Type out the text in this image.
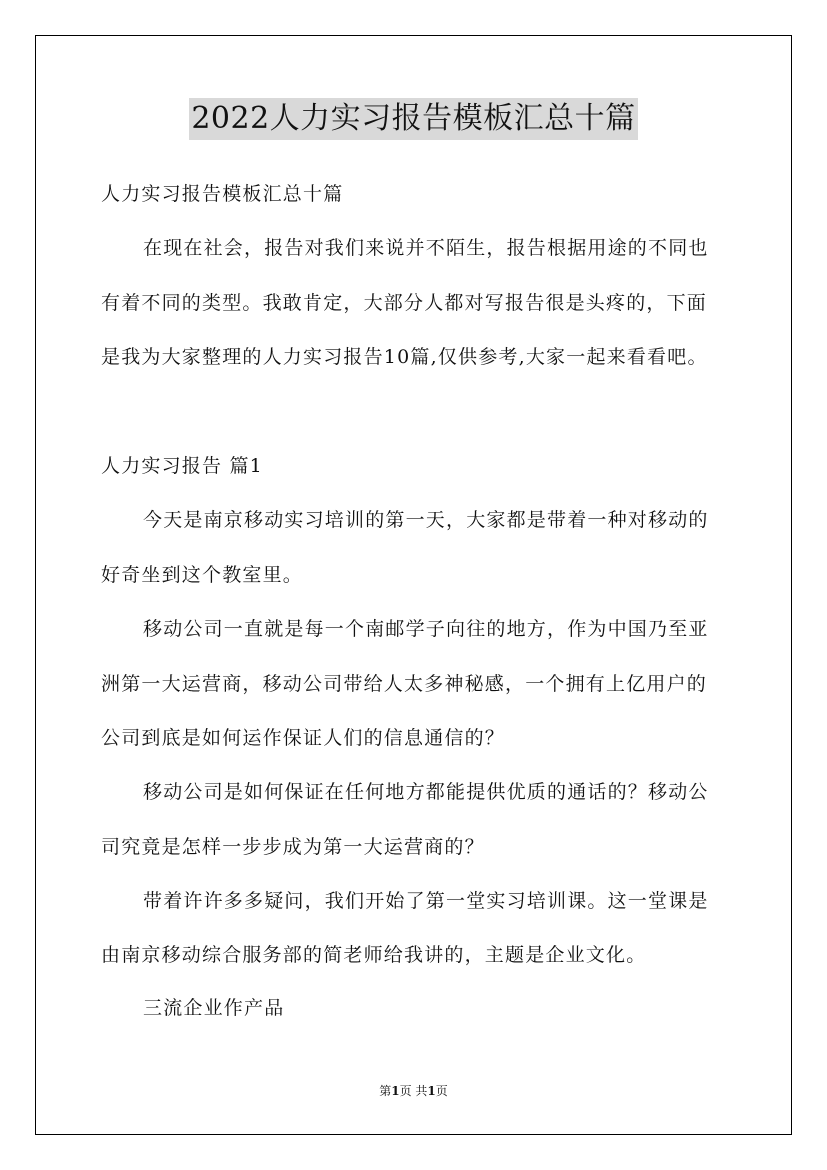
2022人力实习报告模板汇总十篇
人力实习报告模板汇总十篇
在现在社会，报告对我们来说并不陌生，报告根据用途的不同也
有着不同的类型。我敢肯定，大部分人都对写报告很是头疼的，下面
是我为大家整理的人力实习报告10篇,仅供参考,大家一起来看看吧。
人力实习报告 篇1
今天是南京移动实习培训的第一天，大家都是带着一种对移动的
好奇坐到这个教室里。
移动公司一直就是每一个南邮学子向往的地方，作为中国乃至亚
洲第一大运营商，移动公司带给人太多神秘感，一个拥有上亿用户的
公司到底是如何运作保证人们的信息通信的？
移动公司是如何保证在任何地方都能提供优质的通话的？移动公
司究竟是怎样一步步成为第一大运营商的？
带着许许多多疑问，我们开始了第一堂实习培训课。这一堂课是
由南京移动综合服务部的简老师给我讲的，主题是企业文化。
三流企业作产品
第1页 共1页
